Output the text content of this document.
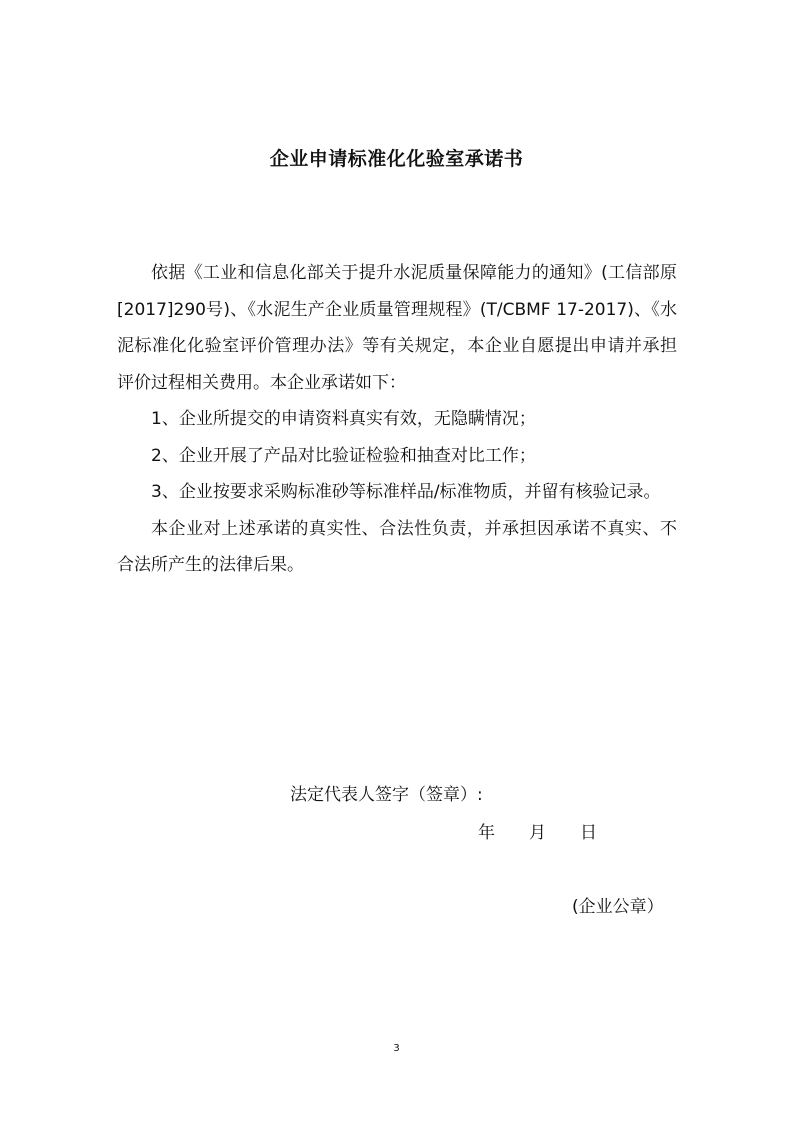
企业申请标准化化验室承诺书

依据《工业和信息化部关于提升水泥质量保障能力的通知》(工信部原[2017]290号)、《水泥生产企业质量管理规程》(T/CBMF 17-2017)、《水泥标准化化验室评价管理办法》等有关规定，本企业自愿提出申请并承担评价过程相关费用。本企业承诺如下：

1、企业所提交的申请资料真实有效，无隐瞒情况；

2、企业开展了产品对比验证检验和抽查对比工作；

3、企业按要求采购标准砂等标准样品/标准物质，并留有核验记录。

本企业对上述承诺的真实性、合法性负责，并承担因承诺不真实、不合法所产生的法律后果。

法定代表人签字（签章）:
年　　月　　日
(企业公章）
3
